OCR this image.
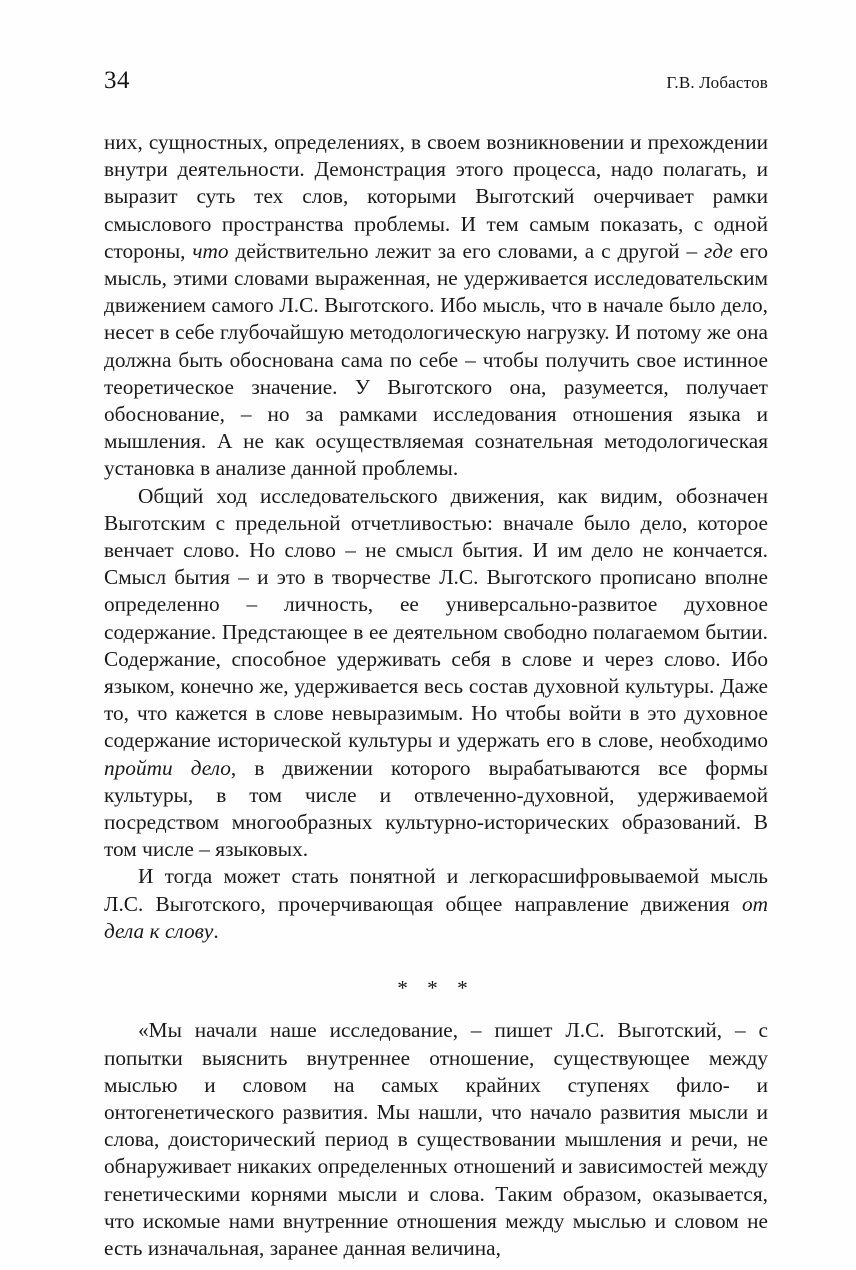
34	Г.В. Лобастов

них, сущностных, определениях, в своем возникновении и прехождении внутри деятельности. Демонстрация этого процесса, надо полагать, и выразит суть тех слов, которыми Выготский очерчивает рамки смыслового пространства проблемы. И тем самым показать, с одной стороны, что действительно лежит за его словами, а с другой – где его мысль, этими словами выраженная, не удерживается исследовательским движением самого Л.С. Выготского. Ибо мысль, что в начале было дело, несет в себе глубочайшую методологическую нагрузку. И потому же она должна быть обоснована сама по себе – чтобы получить свое истинное теоретическое значение. У Выготского она, разумеется, получает обоснование, – но за рамками исследования отношения языка и мышления. А не как осуществляемая сознательная методологическая установка в анализе данной проблемы.

Общий ход исследовательского движения, как видим, обозначен Выготским с предельной отчетливостью: вначале было дело, которое венчает слово. Но слово – не смысл бытия. И им дело не кончается. Смысл бытия – и это в творчестве Л.С. Выготского прописано вполне определенно – личность, ее универсально-развитое духовное содержание. Предстающее в ее деятельном свободно полагаемом бытии. Содержание, способное удерживать себя в слове и через слово. Ибо языком, конечно же, удерживается весь состав духовной культуры. Даже то, что кажется в слове невыразимым. Но чтобы войти в это духовное содержание исторической культуры и удержать его в слове, необходимо пройти дело, в движении которого вырабатываются все формы культуры, в том числе и отвлеченно-духовной, удерживаемой посредством многообразных культурно-исторических образований. В том числе – языковых.

И тогда может стать понятной и легкорасшифровываемой мысль Л.С. Выготского, прочерчивающая общее направление движения от дела к слову.

* * *

«Мы начали наше исследование, – пишет Л.С. Выготский, – с попытки выяснить внутреннее отношение, существующее между мыслью и словом на самых крайних ступенях фило- и онтогенетического развития. Мы нашли, что начало развития мысли и слова, доисторический период в существовании мышления и речи, не обнаруживает никаких определенных отношений и зависимостей между генетическими корнями мысли и слова. Таким образом, оказывается, что искомые нами внутренние отношения между мыслью и словом не есть изначальная, заранее данная величина,
